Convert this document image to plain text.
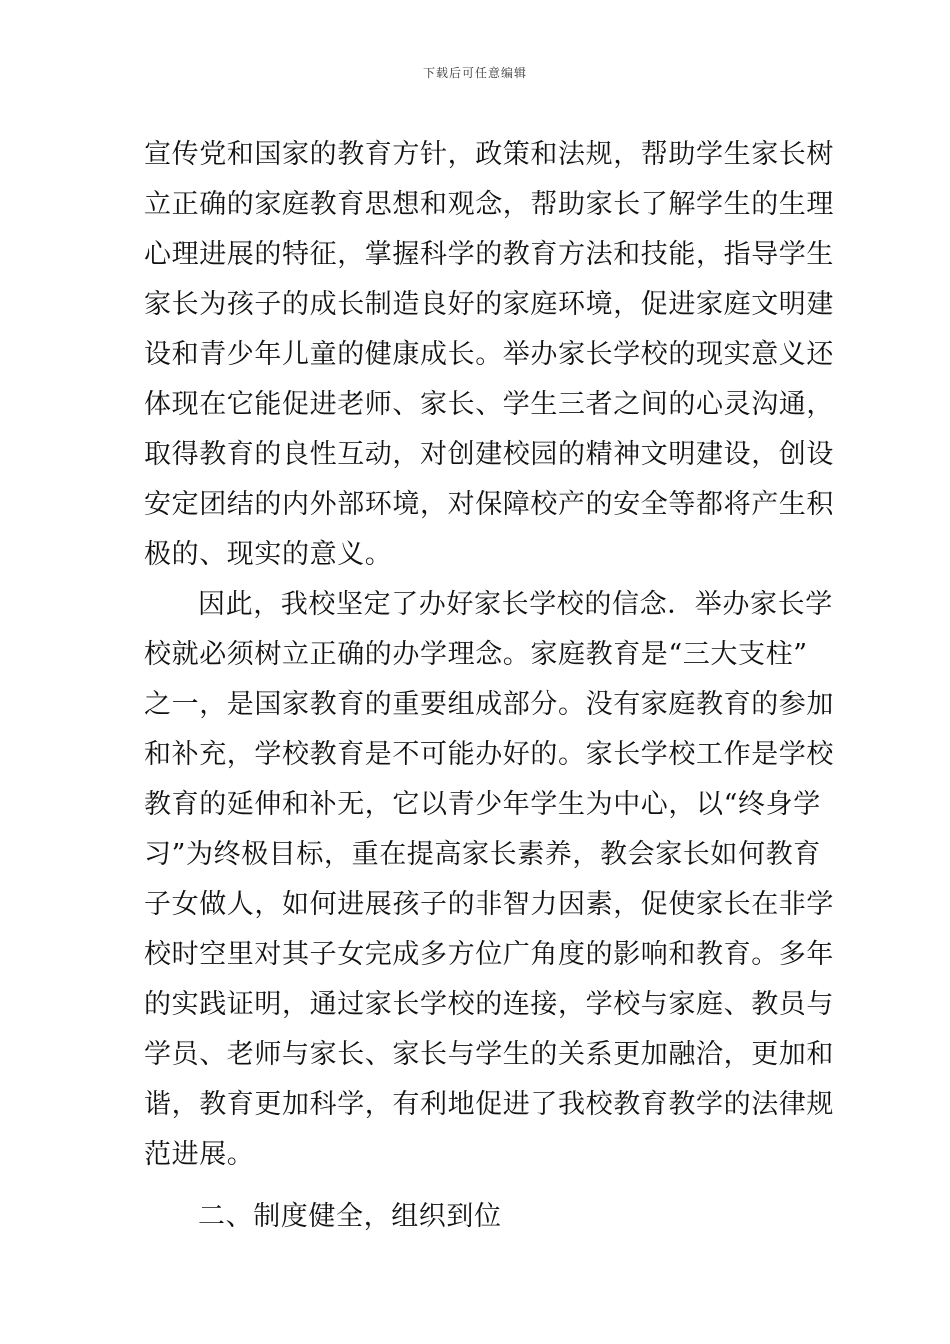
下载后可任意编辑
宣传党和国家的教育方针，政策和法规，帮助学生家长树
立正确的家庭教育思想和观念，帮助家长了解学生的生理
心理进展的特征，掌握科学的教育方法和技能，指导学生
家长为孩子的成长制造良好的家庭环境，促进家庭文明建
设和青少年儿童的健康成长。举办家长学校的现实意义还
体现在它能促进老师、家长、学生三者之间的心灵沟通，
取得教育的良性互动，对创建校园的精神文明建设，创设
安定团结的内外部环境，对保障校产的安全等都将产生积
极的、现实的意义。
因此，我校坚定了办好家长学校的信念．举办家长学
校就必须树立正确的办学理念。家庭教育是“三大支柱”
之一，是国家教育的重要组成部分。没有家庭教育的参加
和补充，学校教育是不可能办好的。家长学校工作是学校
教育的延伸和补无，它以青少年学生为中心，以“终身学
习”为终极目标，重在提高家长素养，教会家长如何教育
子女做人，如何进展孩子的非智力因素，促使家长在非学
校时空里对其子女完成多方位广角度的影响和教育。多年
的实践证明，通过家长学校的连接，学校与家庭、教员与
学员、老师与家长、家长与学生的关系更加融洽，更加和
谐，教育更加科学，有利地促进了我校教育教学的法律规
范进展。
二、制度健全，组织到位
